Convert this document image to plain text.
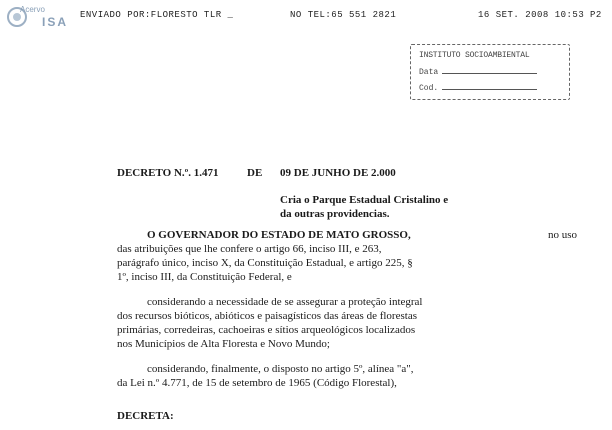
Acervo
ISA ENVIADO POR:FLORESTO TLR _	NO TEL:65 551 2821	16 SET. 2008 10:53 P2
INSTITUTO SOCIOAMBIENTAL
Data
Cod.
DECRETO N.º. 1.471	DE 09 DE JUNHO DE 2.000
Cria o Parque Estadual Cristalino e
da outras providencias.
O GOVERNADOR DO ESTADO DE MATO GROSSO,	no uso
das atribuições que lhe confere o artigo 66, inciso III, e 263,
parágrafo único, inciso X, da Constituição Estadual, e artigo 225, §
1º, inciso III, da Constituição Federal, e
considerando a necessidade de se assegurar a proteção integral
dos recursos bióticos, abióticos e paisagísticos das áreas de florestas
primárias, corredeiras, cachoeiras e sítios arqueológicos localizados
nos Municípios de Alta Floresta e Novo Mundo;
considerando, finalmente, o disposto no artigo 5º, alínea "a",
da Lei n.º 4.771, de 15 de setembro de 1965 (Código Florestal),
DECRETA:
